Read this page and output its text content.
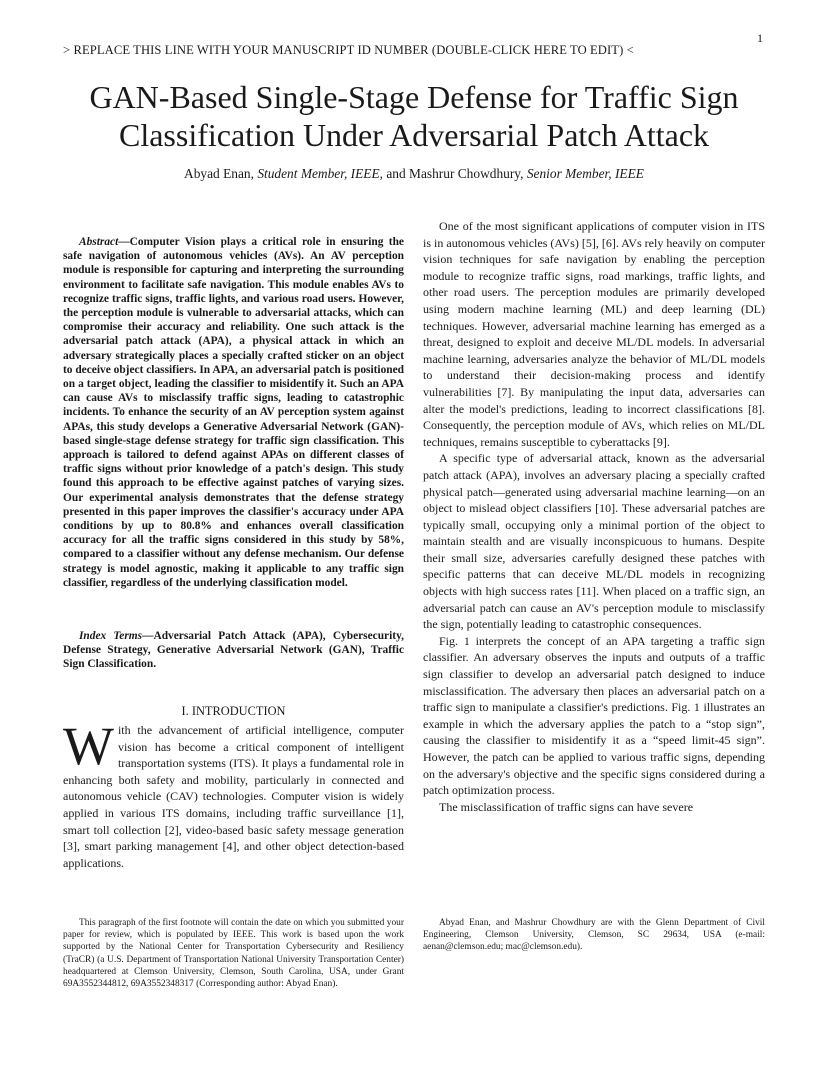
1
> REPLACE THIS LINE WITH YOUR MANUSCRIPT ID NUMBER (DOUBLE-CLICK HERE TO EDIT) <
GAN-Based Single-Stage Defense for Traffic Sign
Classification Under Adversarial Patch Attack
Abyad Enan, Student Member, IEEE, and Mashrur Chowdhury, Senior Member, IEEE
Abstract—Computer Vision plays a critical role in ensuring the safe navigation of autonomous vehicles (AVs). An AV perception module is responsible for capturing and interpreting the surrounding environment to facilitate safe navigation. This module enables AVs to recognize traffic signs, traffic lights, and various road users. However, the perception module is vulnerable to adversarial attacks, which can compromise their accuracy and reliability. One such attack is the adversarial patch attack (APA), a physical attack in which an adversary strategically places a specially crafted sticker on an object to deceive object classifiers. In APA, an adversarial patch is positioned on a target object, leading the classifier to misidentify it. Such an APA can cause AVs to misclassify traffic signs, leading to catastrophic incidents. To enhance the security of an AV perception system against APAs, this study develops a Generative Adversarial Network (GAN)-based single-stage defense strategy for traffic sign classification. This approach is tailored to defend against APAs on different classes of traffic signs without prior knowledge of a patch's design. This study found this approach to be effective against patches of varying sizes. Our experimental analysis demonstrates that the defense strategy presented in this paper improves the classifier's accuracy under APA conditions by up to 80.8% and enhances overall classification accuracy for all the traffic signs considered in this study by 58%, compared to a classifier without any defense mechanism. Our defense strategy is model agnostic, making it applicable to any traffic sign classifier, regardless of the underlying classification model.
Index Terms—Adversarial Patch Attack (APA), Cybersecurity, Defense Strategy, Generative Adversarial Network (GAN), Traffic Sign Classification.
I. INTRODUCTION
With the advancement of artificial intelligence, computer vision has become a critical component of intelligent transportation systems (ITS). It plays a fundamental role in enhancing both safety and mobility, particularly in connected and autonomous vehicle (CAV) technologies. Computer vision is widely applied in various ITS domains, including traffic surveillance [1], smart toll collection [2], video-based basic safety message generation [3], smart parking management [4], and other object detection-based applications.

One of the most significant applications of computer vision in ITS is in autonomous vehicles (AVs) [5], [6]. AVs rely heavily on computer vision techniques for safe navigation by enabling the perception module to recognize traffic signs, road markings, traffic lights, and other road users. The perception modules are primarily developed using modern machine learning (ML) and deep learning (DL) techniques. However, adversarial machine learning has emerged as a threat, designed to exploit and deceive ML/DL models. In adversarial machine learning, adversaries analyze the behavior of ML/DL models to understand their decision-making process and identify vulnerabilities [7]. By manipulating the input data, adversaries can alter the model's predictions, leading to incorrect classifications [8]. Consequently, the perception module of AVs, which relies on ML/DL techniques, remains susceptible to cyberattacks [9].

A specific type of adversarial attack, known as the adversarial patch attack (APA), involves an adversary placing a specially crafted physical patch—generated using adversarial machine learning—on an object to mislead object classifiers [10]. These adversarial patches are typically small, occupying only a minimal portion of the object to maintain stealth and are visually inconspicuous to humans. Despite their small size, adversaries carefully designed these patches with specific patterns that can deceive ML/DL models in recognizing objects with high success rates [11]. When placed on a traffic sign, an adversarial patch can cause an AV's perception module to misclassify the sign, potentially leading to catastrophic consequences.

Fig. 1 interprets the concept of an APA targeting a traffic sign classifier. An adversary observes the inputs and outputs of a traffic sign classifier to develop an adversarial patch designed to induce misclassification. The adversary then places an adversarial patch on a traffic sign to manipulate a classifier's predictions. Fig. 1 illustrates an example in which the adversary applies the patch to a “stop sign”, causing the classifier to misidentify it as a “speed limit-45 sign”. However, the patch can be applied to various traffic signs, depending on the adversary's objective and the specific signs considered during a patch optimization process.

The misclassification of traffic signs can have severe

This paragraph of the first footnote will contain the date on which you submitted your paper for review, which is populated by IEEE. This work is based upon the work supported by the National Center for Transportation Cybersecurity and Resiliency (TraCR) (a U.S. Department of Transportation National University Transportation Center) headquartered at Clemson University, Clemson, South Carolina, USA, under Grant 69A3552344812, 69A3552348317 (Corresponding author: Abyad Enan).
Abyad Enan, and Mashrur Chowdhury are with the Glenn Department of Civil Engineering, Clemson University, Clemson, SC 29634, USA (e-mail: aenan@clemson.edu; mac@clemson.edu).
